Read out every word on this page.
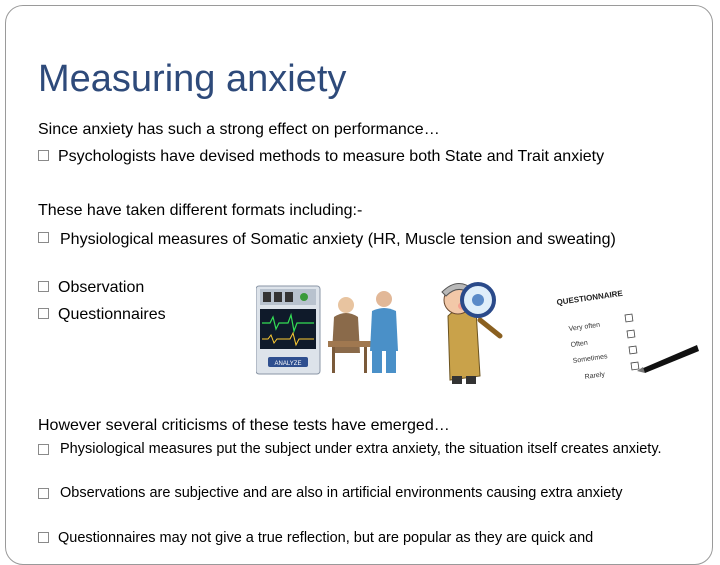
Measuring anxiety
Since anxiety has such a strong effect on performance…
Psychologists have devised methods to measure both State and Trait anxiety
These have taken different formats including:-
Physiological measures of Somatic anxiety (HR, Muscle tension and sweating)
Observation
Questionnaires
ANALYZE
QUESTIONNAIRE
Very often
Often
Sometimes
Rarely
However several criticisms of these tests have emerged…
Physiological measures put the subject under extra anxiety, the situation itself creates anxiety.
Observations are subjective and are also in artificial environments causing extra anxiety
Questionnaires may not give a true reflection, but are popular as they are quick and
